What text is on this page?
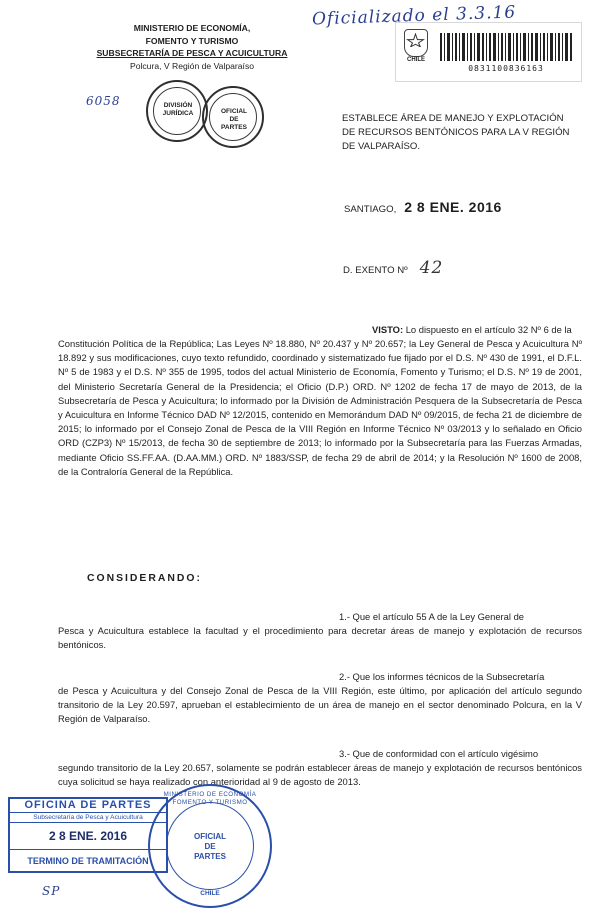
Oficializado el 3.3.16
MINISTERIO DE ECONOMÍA,
FOMENTO Y TURISMO
SUBSECRETARÍA DE PESCA Y ACUICULTURA
Polcura, V Región de Valparaíso
6058	DIVISIÓN JURÍDICA	OFICIAL DE PARTES
CHILE
0831100836163
ESTABLECE ÁREA DE MANEJO Y EXPLOTACIÓN
DE RECURSOS BENTÓNICOS PARA LA V REGIÓN
DE VALPARAÍSO.
SANTIAGO, 2 8 ENE. 2016
D. EXENTO Nº 42
VISTO: Lo dispuesto en el artículo 32 Nº 6 de la
Constitución Política de la República; Las Leyes Nº 18.880, Nº 20.437 y Nº 20.657; la Ley General de Pesca y Acuicultura Nº 18.892 y sus modificaciones, cuyo texto refundido, coordinado y sistematizado fue fijado por el D.S. Nº 430 de 1991, el D.F.L. Nº 5 de 1983 y el D.S. Nº 355 de 1995, todos del actual Ministerio de Economía, Fomento y Turismo; el D.S. Nº 19 de 2001, del Ministerio Secretaría General de la Presidencia; el Oficio (D.P.) ORD. Nº 1202 de fecha 17 de mayo de 2013, de la Subsecretaría de Pesca y Acuicultura; lo informado por la División de Administración Pesquera de la Subsecretaría de Pesca y Acuicultura en Informe Técnico DAD Nº 12/2015, contenido en Memorándum DAD Nº 09/2015, de fecha 21 de diciembre de 2015; lo informado por el Consejo Zonal de Pesca de la VIII Región en Informe Técnico Nº 03/2013 y lo señalado en Oficio ORD (CZP3) Nº 15/2013, de fecha 30 de septiembre de 2013; lo informado por la Subsecretaría para las Fuerzas Armadas, mediante Oficio SS.FF.AA. (D.AA.MM.) ORD. Nº 1883/SSP, de fecha 29 de abril de 2014; y la Resolución Nº 1600 de 2008, de la Contraloría General de la República.
CONSIDERANDO:
1.- Que el artículo 55 A de la Ley General de
Pesca y Acuicultura establece la facultad y el procedimiento para decretar áreas de manejo y explotación de recursos bentónicos.
2.- Que los informes técnicos de la Subsecretaría
de Pesca y Acuicultura y del Consejo Zonal de Pesca de la VIII Región, este último, por aplicación del artículo segundo transitorio de la Ley 20.597, aprueban el establecimiento de un área de manejo en el sector denominado Polcura, en la V Región de Valparaíso.
3.- Que de conformidad con el artículo vigésimo
segundo transitorio de la Ley 20.657, solamente se podrán establecer áreas de manejo y explotación de recursos bentónicos cuya solicitud se haya realizado con anterioridad al 9 de agosto de 2013.
OFICINA DE PARTES
Subsecretaría de Pesca y Acuicultura
2 8 ENE. 2016
TERMINO DE TRAMITACIÓN
MINISTERIO DE ECONOMÍA FOMENTO Y TURISMO
OFICIAL DE PARTES
CHILE
SP
